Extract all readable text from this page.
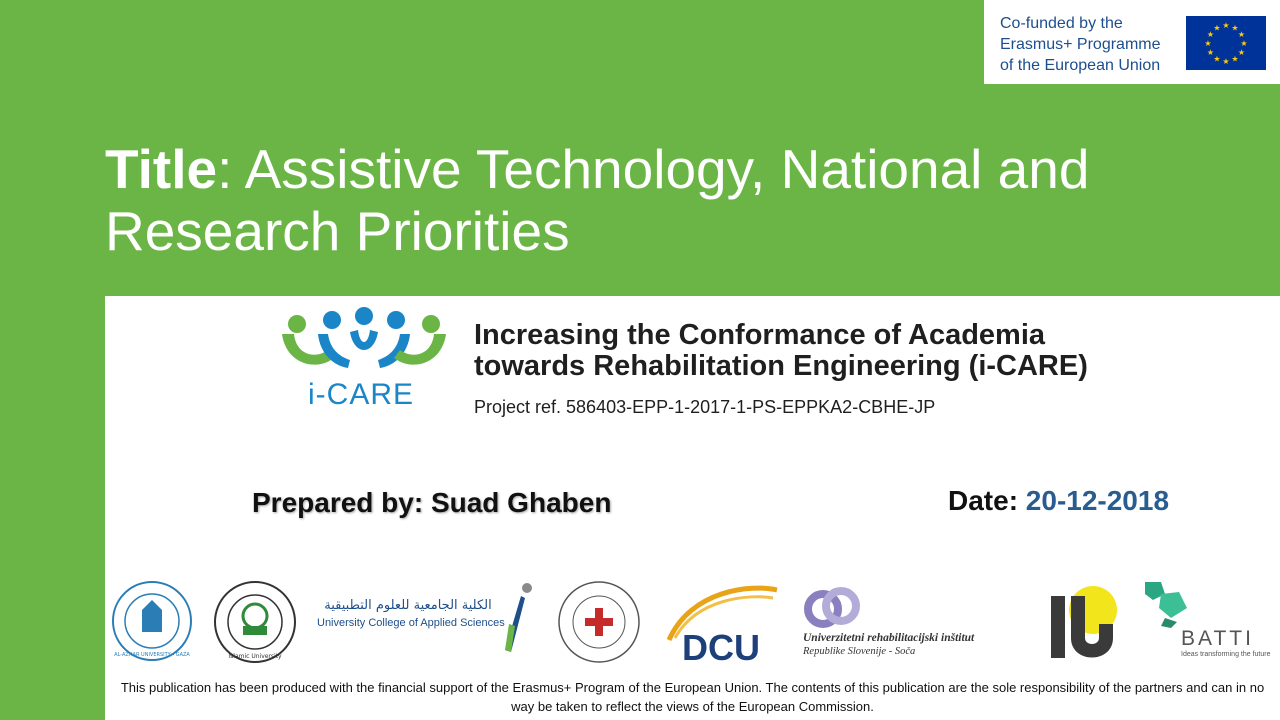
Co-funded by the
Erasmus+ Programme
of the European Union
★ ★
★
★
★
★
★
★
★
★
★
★
Title: Assistive Technology, National and Research Priorities
i-CARE
Increasing the Conformance of Academia
towards Rehabilitation Engineering (i-CARE)
Project ref. 586403-EPP-1-2017-1-PS-EPPKA2-CBHE-JP
Prepared by: Suad Ghaben	Date: 20-12-2018
AL-AZHAR UNIVERSITY - GAZA	Islamic University
الكلية الجامعية للعلوم التطبيقية
University College of Applied Sciences
DCU	Univerzitetni rehabilitacijski inštitut
Republike Slovenije - Soča
BATTI
Ideas transforming the future
This publication has been produced with the financial support of the Erasmus+ Program of the European Union. The contents of this publication are the sole responsibility of the partners and can in no way be taken to reflect the views of the European Commission.
